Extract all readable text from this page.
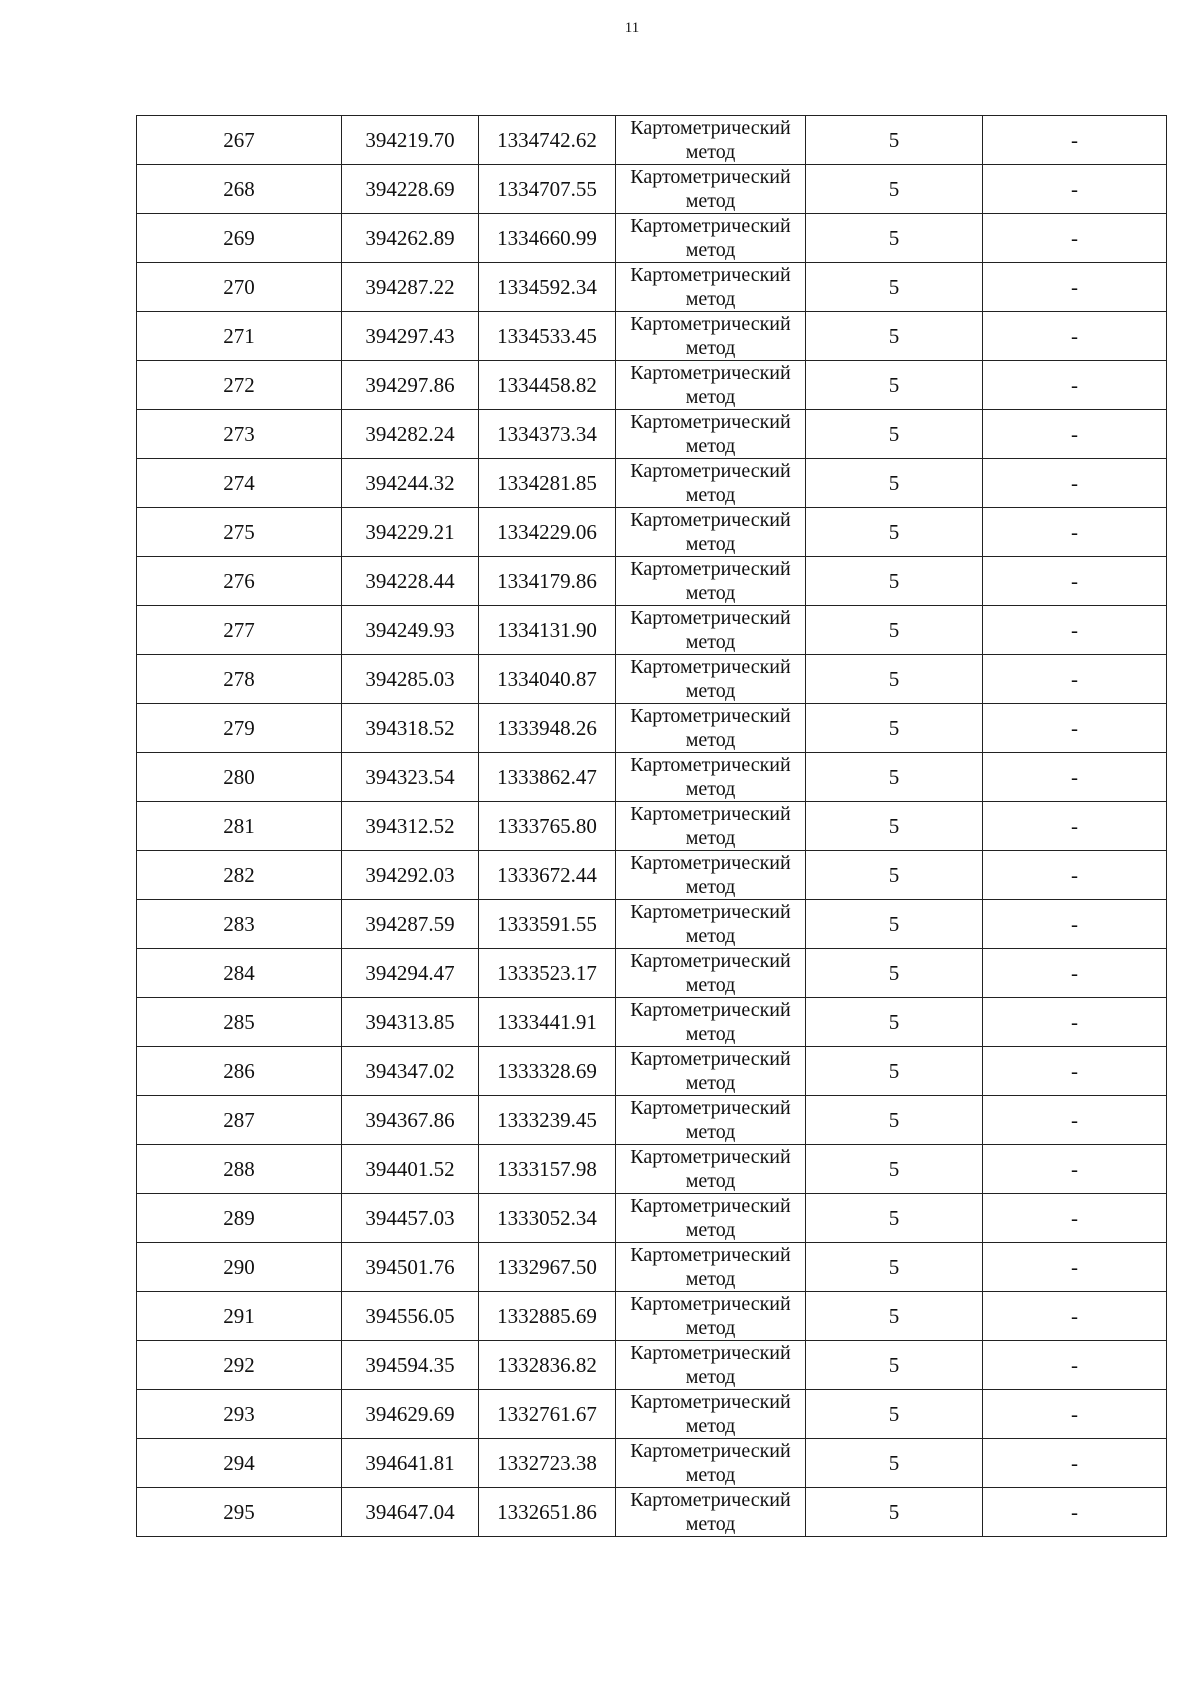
11
267	394219.70	1334742.62	Картометрический метод	5	-
268	394228.69	1334707.55	Картометрический метод	5	-
269	394262.89	1334660.99	Картометрический метод	5	-
270	394287.22	1334592.34	Картометрический метод	5	-
271	394297.43	1334533.45	Картометрический метод	5	-
272	394297.86	1334458.82	Картометрический метод	5	-
273	394282.24	1334373.34	Картометрический метод	5	-
274	394244.32	1334281.85	Картометрический метод	5	-
275	394229.21	1334229.06	Картометрический метод	5	-
276	394228.44	1334179.86	Картометрический метод	5	-
277	394249.93	1334131.90	Картометрический метод	5	-
278	394285.03	1334040.87	Картометрический метод	5	-
279	394318.52	1333948.26	Картометрический метод	5	-
280	394323.54	1333862.47	Картометрический метод	5	-
281	394312.52	1333765.80	Картометрический метод	5	-
282	394292.03	1333672.44	Картометрический метод	5	-
283	394287.59	1333591.55	Картометрический метод	5	-
284	394294.47	1333523.17	Картометрический метод	5	-
285	394313.85	1333441.91	Картометрический метод	5	-
286	394347.02	1333328.69	Картометрический метод	5	-
287	394367.86	1333239.45	Картометрический метод	5	-
288	394401.52	1333157.98	Картометрический метод	5	-
289	394457.03	1333052.34	Картометрический метод	5	-
290	394501.76	1332967.50	Картометрический метод	5	-
291	394556.05	1332885.69	Картометрический метод	5	-
292	394594.35	1332836.82	Картометрический метод	5	-
293	394629.69	1332761.67	Картометрический метод	5	-
294	394641.81	1332723.38	Картометрический метод	5	-
295	394647.04	1332651.86	Картометрический метод	5	-
